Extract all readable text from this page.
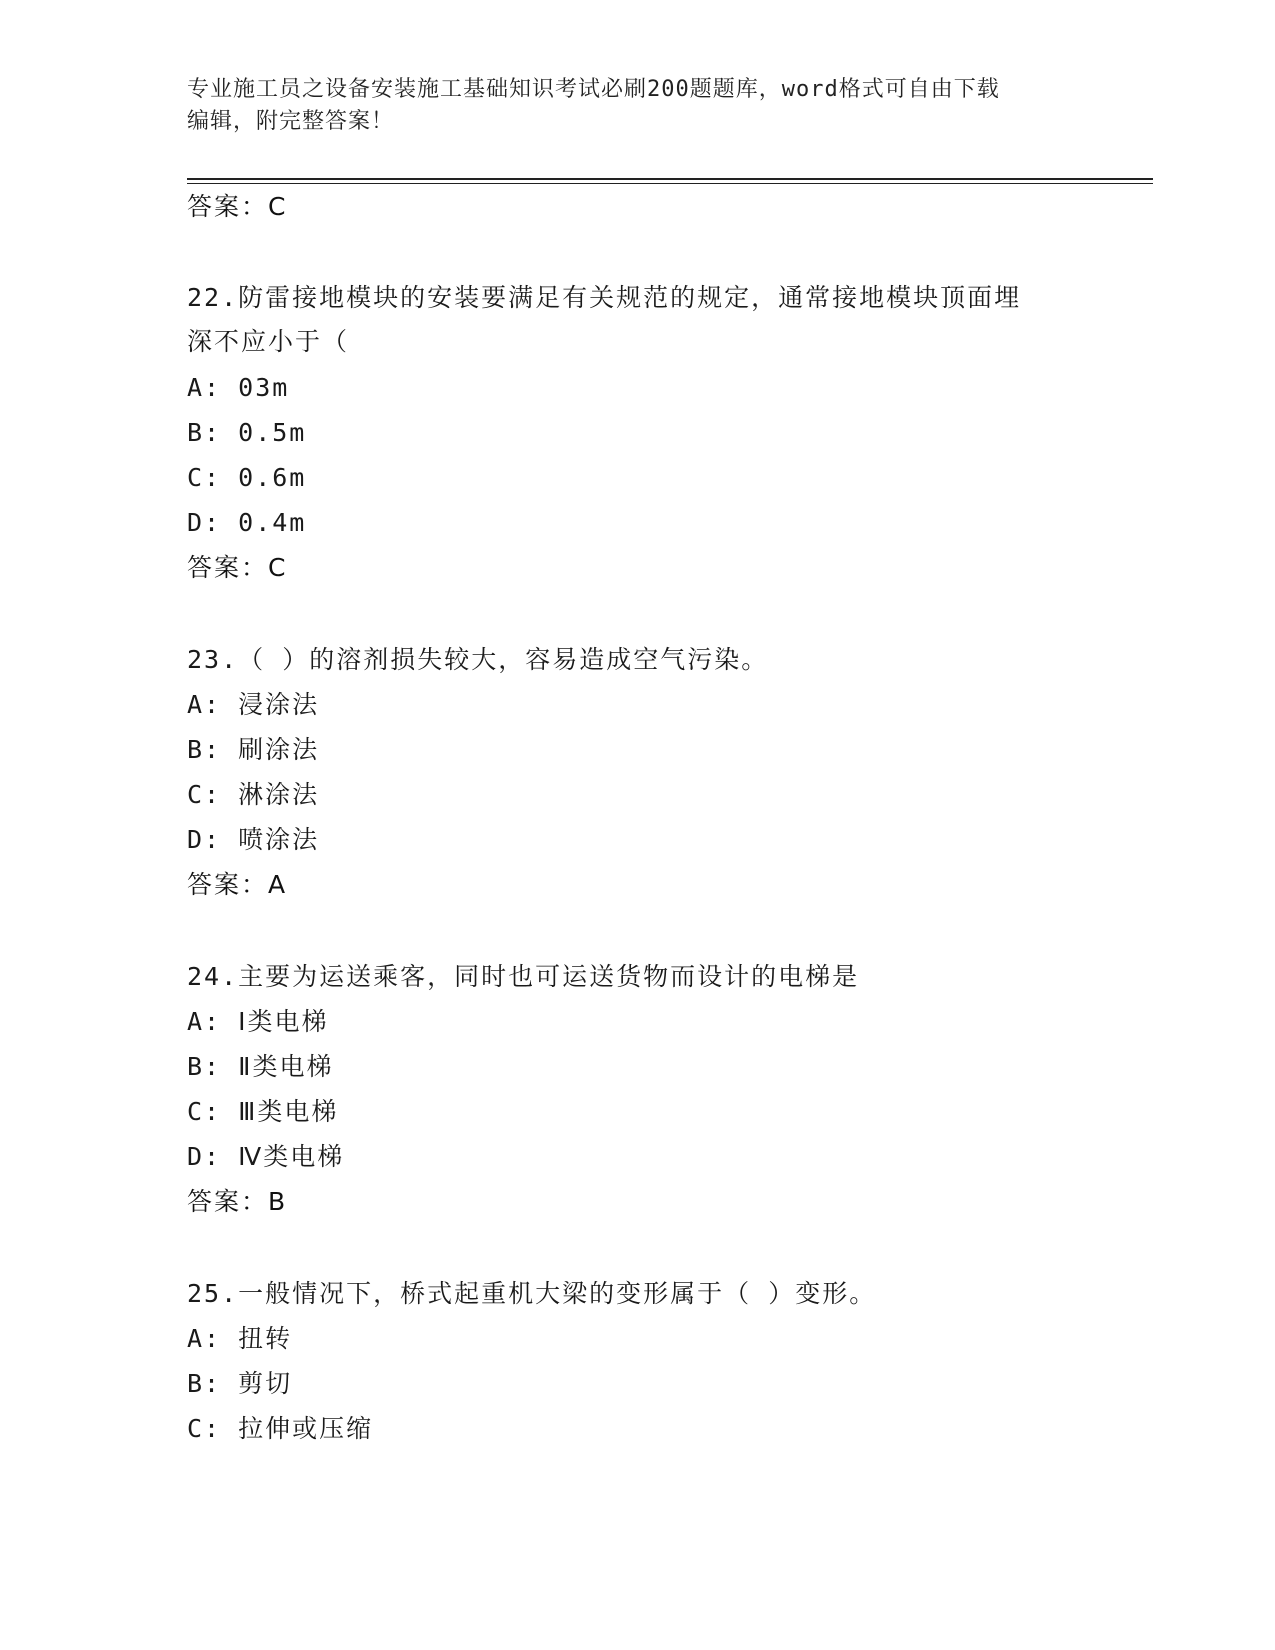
专业施工员之设备安装施工基础知识考试必刷200题题库，word格式可自由下载
编辑，附完整答案！
答案：C
22.防雷接地模块的安装要满足有关规范的规定，通常接地模块顶面埋
深不应小于（
A: 03m
B: 0.5m
C: 0.6m
D: 0.4m
答案：C
23.（ ）的溶剂损失较大，容易造成空气污染。
A: 浸涂法
B: 刷涂法
C: 淋涂法
D: 喷涂法
答案：A
24.主要为运送乘客，同时也可运送货物而设计的电梯是
A: Ⅰ类电梯
B: Ⅱ类电梯
C: Ⅲ类电梯
D: Ⅳ类电梯
答案：B
25.一般情况下，桥式起重机大梁的变形属于（ ）变形。
A: 扭转
B: 剪切
C: 拉伸或压缩
